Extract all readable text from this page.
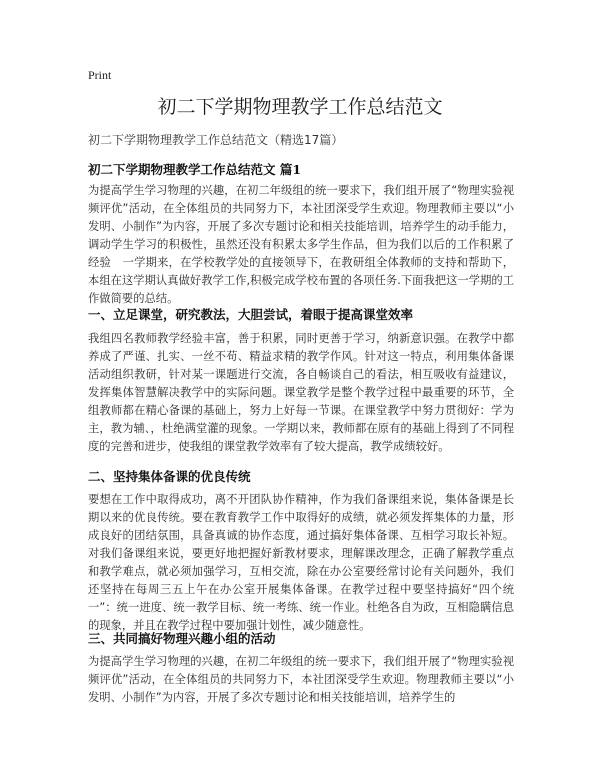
Print
初二下学期物理教学工作总结范文
初二下学期物理教学工作总结范文（精选17篇）
初二下学期物理教学工作总结范文 篇1

为提高学生学习物理的兴趣，在初二年级组的统一要求下，我们组开展了“物理实验视频评优”活动，在全体组员的共同努力下，本社团深受学生欢迎。物理教师主要以“小发明、小制作”为内容，开展了多次专题讨论和相关技能培训，培养学生的动手能力，调动学生学习的积极性，虽然还没有积累太多学生作品，但为我们以后的工作积累了经验　一学期来，在学校教学处的直接领导下，在教研组全体教师的支持和帮助下，本组在这学期认真做好教学工作,积极完成学校布置的各项任务.下面我把这一学期的工作做简要的总结。

一、立足课堂，研究教法，大胆尝试，着眼于提高课堂效率

我组四名教师教学经验丰富，善于积累，同时更善于学习，纳新意识强。在教学中都养成了严谨、扎实、一丝不苟、精益求精的教学作风。针对这一特点，利用集体备课活动组织教研，针对某一课题进行交流，各自畅谈自己的看法，相互吸收有益建议，发挥集体智慧解决教学中的实际问题。课堂教学是整个教学过程中最重要的环节，全组教师都在精心备课的基础上，努力上好每一节课。在课堂教学中努力贯彻好：学为主，教为辅、，杜绝满堂灌的现象。一学期以来，教师都在原有的基础上得到了不同程度的完善和进步，使我组的课堂教学效率有了较大提高，教学成绩较好。

二、坚持集体备课的优良传统

要想在工作中取得成功，离不开团队协作精神，作为我们备课组来说，集体备课是长期以来的优良传统。要在教育教学工作中取得好的成绩，就必须发挥集体的力量，形成良好的团结氛围，具备真诚的协作态度，通过搞好集体备课、互相学习取长补短。对我们备课组来说，要更好地把握好新教材要求，理解课改理念，正确了解教学重点和教学难点，就必须加强学习，互相交流，除在办公室要经常讨论有关问题外，我们还坚持在每周三五上午在办公室开展集体备课。在教学过程中要坚持搞好“四个统一”：统一进度、统一教学目标、统一考练、统一作业。杜绝各自为政，互相隐瞒信息的现象，并且在教学过程中要加强计划性，减少随意性。

三、共同搞好物理兴趣小组的活动

为提高学生学习物理的兴趣，在初二年级组的统一要求下，我们组开展了“物理实验视频评优”活动，在全体组员的共同努力下，本社团深受学生欢迎。物理教师主要以“小发明、小制作”为内容，开展了多次专题讨论和相关技能培训，培养学生的
